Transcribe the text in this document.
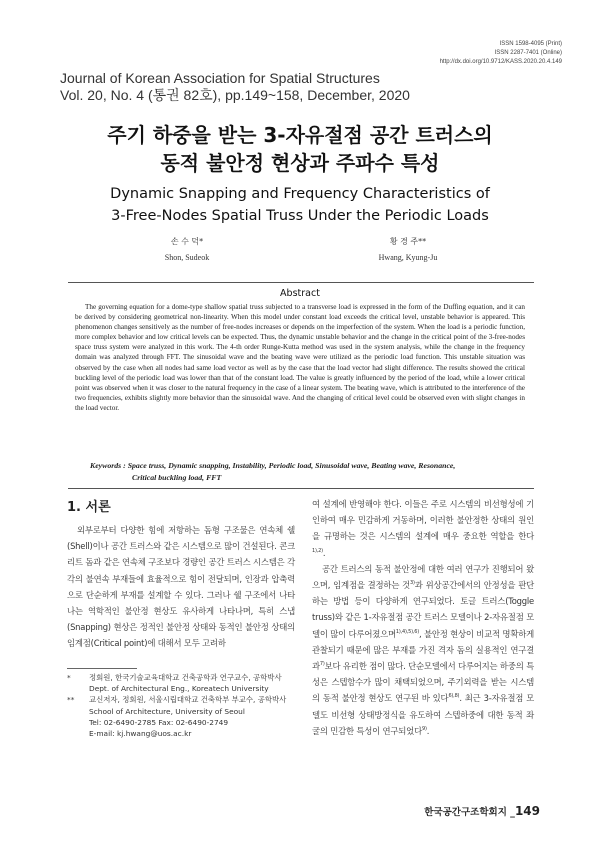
ISSN 1598-4095 (Print)
ISSN 2287-7401 (Online)
http://dx.doi.org/10.9712/KASS.2020.20.4.149
Journal of Korean Association for Spatial Structures
Vol. 20, No. 4 (통권 82호), pp.149~158, December, 2020
주기 하중을 받는 3-자유절점 공간 트러스의
동적 불안정 현상과 주파수 특성
Dynamic Snapping and Frequency Characteristics of
3-Free-Nodes Spatial Truss Under the Periodic Loads
손 수 덕*
Shon, Sudeok
황 경 주**
Hwang, Kyung-Ju
Abstract
The governing equation for a dome-type shallow spatial truss subjected to a transverse load is expressed in the form of the Duffing equation, and it can be derived by considering geometrical non-linearity. When this model under constant load exceeds the critical level, unstable behavior is appeared. This phenomenon changes sensitively as the number of free-nodes increases or depends on the imperfection of the system. When the load is a periodic function, more complex behavior and low critical levels can be expected. Thus, the dynamic unstable behavior and the change in the critical point of the 3-free-nodes space truss system were analyzed in this work. The 4-th order Runge-Kutta method was used in the system analysis, while the change in the frequency domain was analyzed through FFT. The sinusoidal wave and the beating wave were utilized as the periodic load function. This unstable situation was observed by the case when all nodes had same load vector as well as by the case that the load vector had slight difference. The results showed the critical buckling level of the periodic load was lower than that of the constant load. The value is greatly influenced by the period of the load, while a lower critical point was observed when it was closer to the natural frequency in the case of a linear system. The beating wave, which is attributed to the interference of the two frequencies, exhibits slightly more behavior than the sinusoidal wave. And the changing of critical level could be observed even with slight changes in the load vector.
Keywords : Space truss, Dynamic snapping, Instability, Periodic load, Sinusoidal wave, Beating wave, Resonance,
Critical buckling load, FFT
1. 서론

외부로부터 다양한 힘에 저항하는 돔형 구조물은 연속체 쉘(Shell)이나 공간 트러스와 같은 시스템으로 많이 건설된다. 콘크리트 돔과 같은 연속체 구조보다 경량인 공간 트러스 시스템은 각각의 불연속 부재들에 효율적으로 힘이 전달되며, 인장과 압축력으로 단순하게 부재를 설계할 수 있다. 그러나 쉘 구조에서 나타나는 역학적인 불안정 현상도 유사하게 나타나며, 특히 스냅(Snapping) 현상은 정적인 불안정 상태와 동적인 불안정 상태의 임계점(Critical point)에 대해서 모두 고려하

여 설계에 반영해야 한다. 이들은 주로 시스템의 비선형성에 기인하여 매우 민감하게 거동하며, 이러한 불안정한 상태의 원인을 규명하는 것은 시스템의 설계에 매우 중요한 역할을 한다$^{1),2)}$.

공간 트러스의 동적 불안정에 대한 여러 연구가 진행되어 왔으며, 임계점을 결정하는 것$^{3)}$과 위상공간에서의 안정성을 판단하는 방법 등이 다양하게 연구되었다. 토글 트러스(Toggle truss)와 같은 1-자유절점 공간 트러스 모델이나 2-자유절점 모델이 많이 다루어졌으며$^{1),4),5),6)}$, 불안정 현상이 비교적 명확하게 관찰되기 때문에 많은 부재를 가진 격자 돔의 실용적인 연구결과$^{7)}$보다 유리한 점이 많다. 단순모델에서 다루어지는 하중의 특성은 스텝함수가 많이 채택되었으며, 주기외력을 받는 시스템의 동적 불안정 현상도 연구된 바 있다$^{6),8)}$. 최근 3-자유절점 모델도 비선형 상태방정식을 유도하여 스텝하중에 대한 동적 좌굴의 민감한 특성이 연구되었다$^{9)}$.

* 정회원, 한국기술교육대학교 건축공학과 연구교수, 공학박사
Dept. of Architectural Eng., Koreatech University
** 교신저자, 정회원, 서울시립대학교 건축학부 부교수, 공학박사
School of Architecture, University of Seoul
Tel: 02-6490-2785 Fax: 02-6490-2749
E-mail: kj.hwang@uos.ac.kr
한국공간구조학회지 _149
